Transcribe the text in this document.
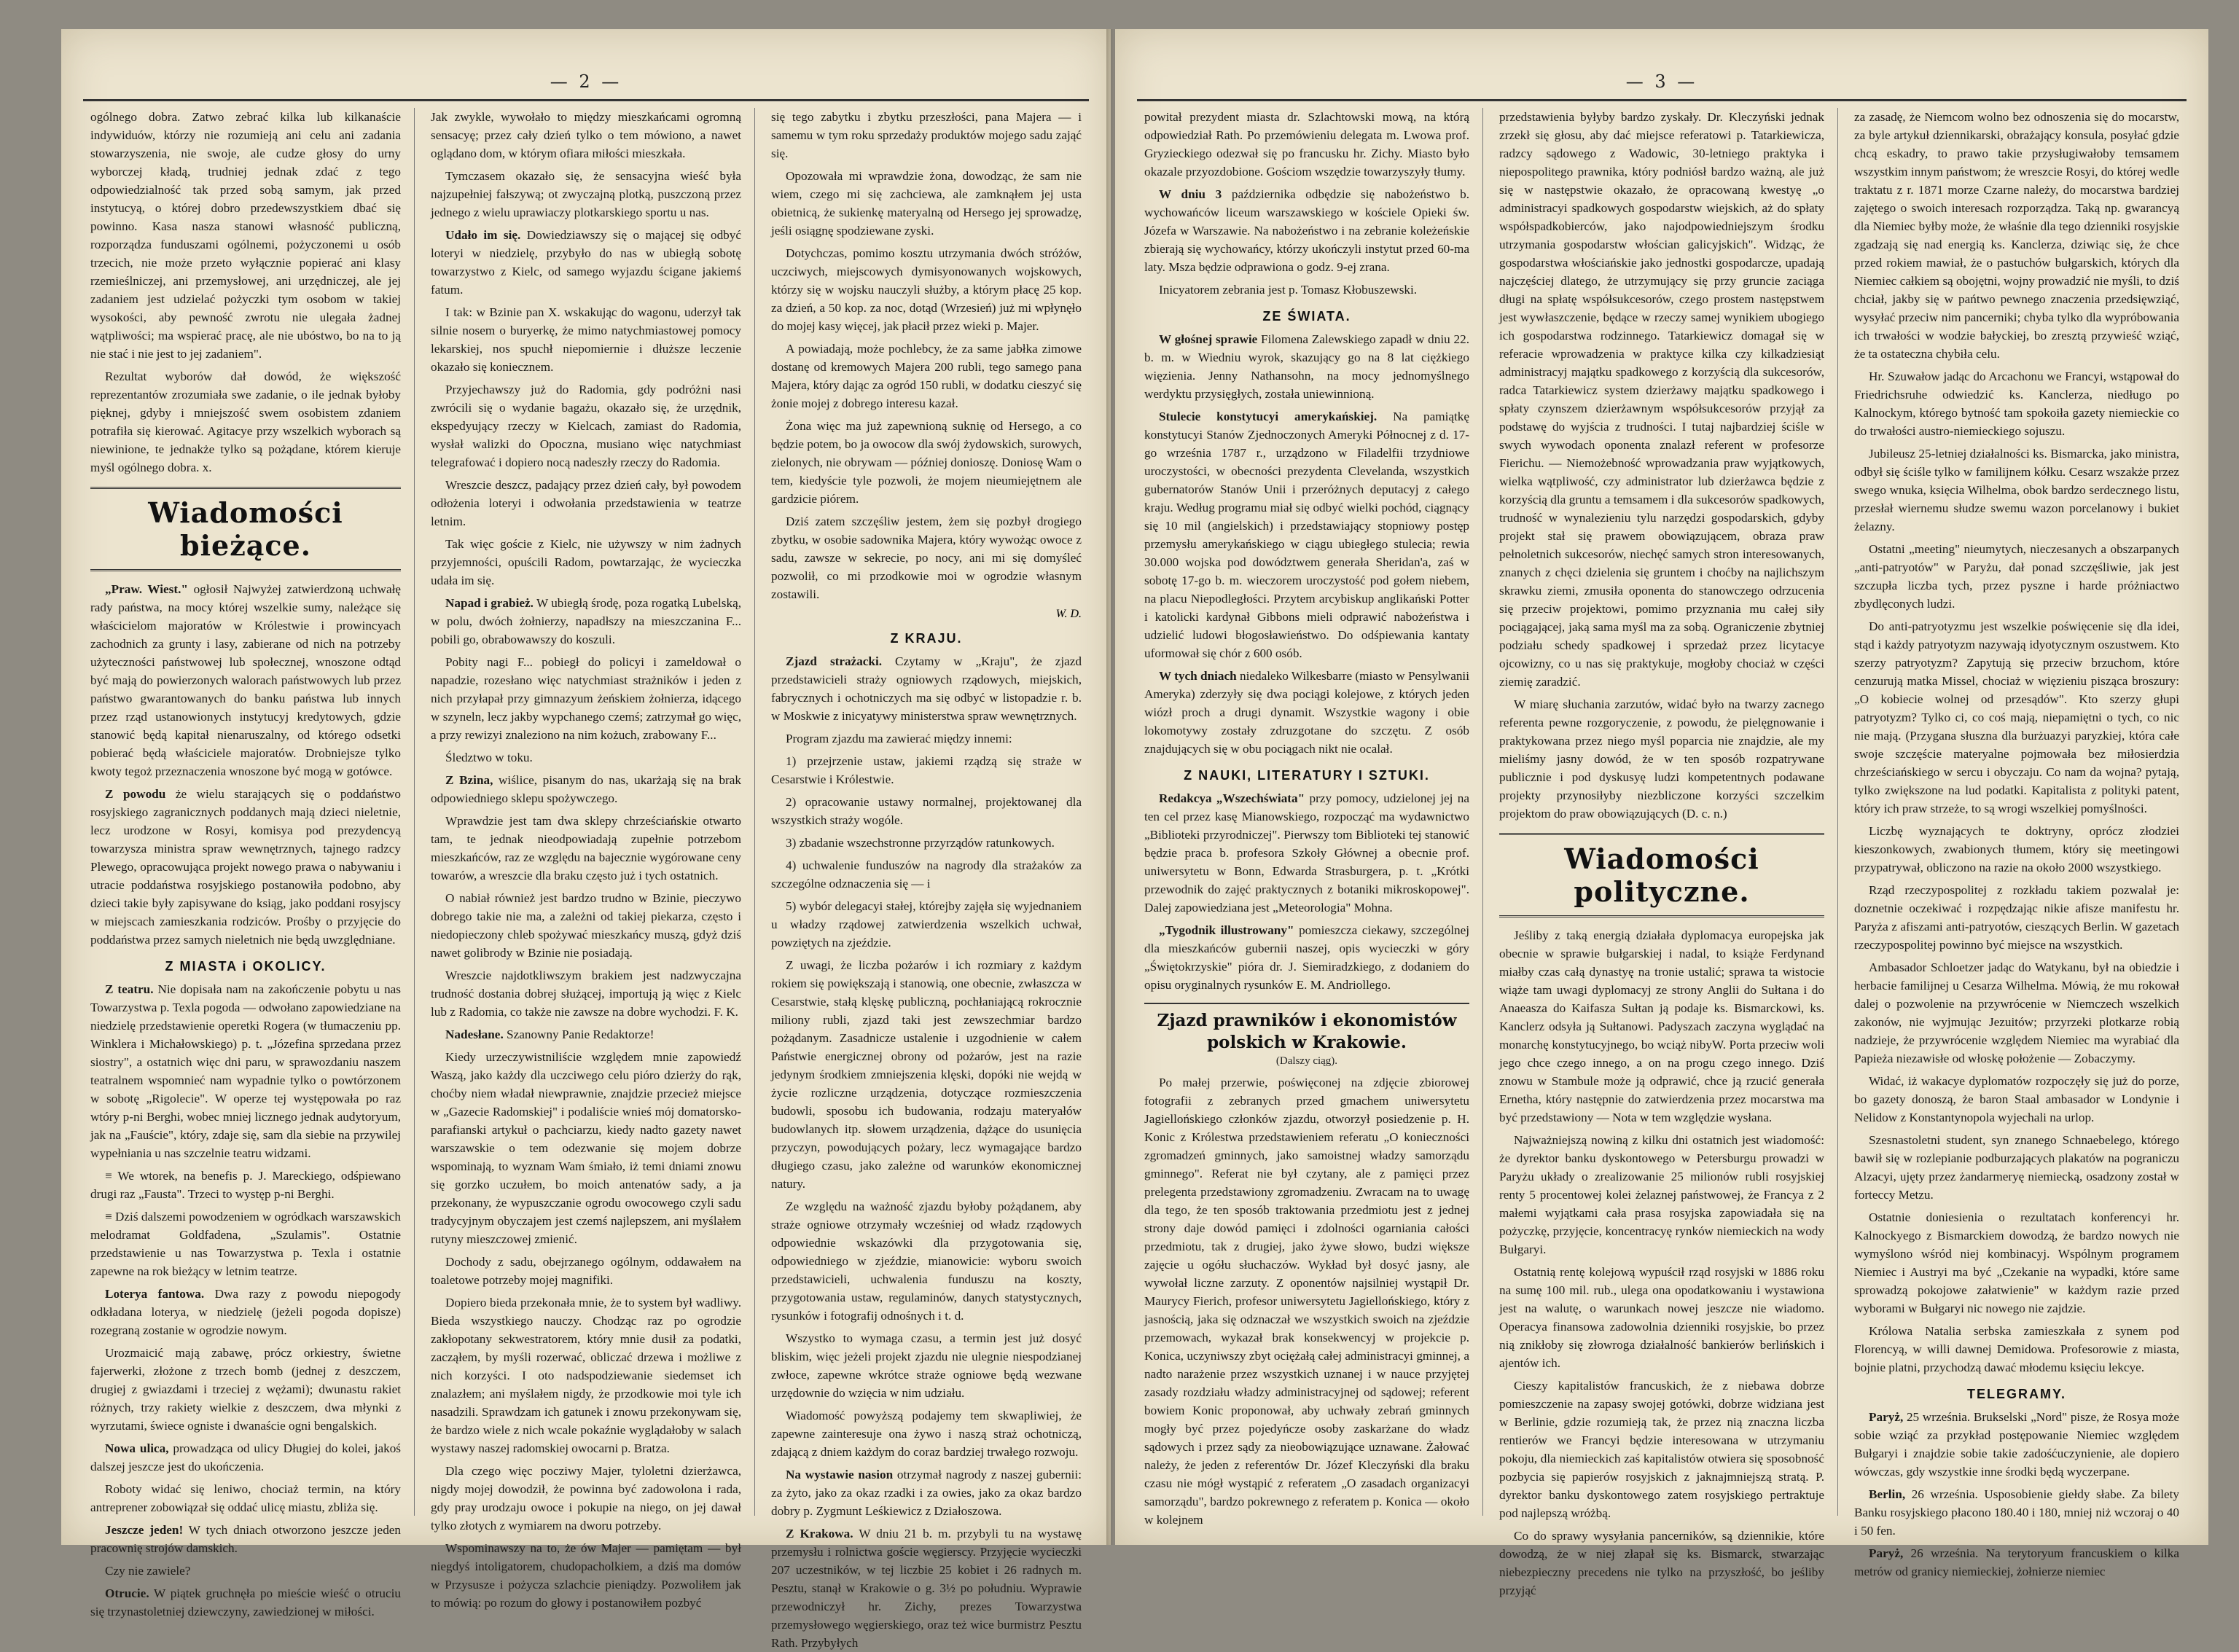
— 2 —

ogólnego dobra. Zatwo zebrać kilka lub kilkanaście indywiduów, którzy nie rozumieją ani celu ani zadania stowarzyszenia, nie swoje, ale cudze głosy do urny wyborczej kładą, trudniej jednak zdać z tego odpowiedzialność tak przed sobą samym, jak przed instytucyą, o której dobro przedewszystkiem dbać się powinno. Kasa nasza stanowi własność publiczną, rozporządza funduszami ogólnemi, pożyczonemi u osób trzecich, nie może przeto wyłącznie popierać ani klasy rzemieślniczej, ani przemysłowej, ani urzędniczej, ale jej zadaniem jest udzielać pożyczki tym osobom w takiej wysokości, aby pewność zwrotu nie ulegała żadnej wątpliwości; ma wspierać pracę, ale nie ubóstwo, bo na to ją nie stać i nie jest to jej zadaniem".

Rezultat wyborów dał dowód, że większość reprezentantów zrozumiała swe zadanie, o ile jednak byłoby pięknej, gdyby i mniejszość swem osobistem zdaniem potrafiła się kierować. Agitacye przy wszelkich wyborach są niewinione, te jednakże tylko są pożądane, którem kieruje myśl ogólnego dobra. x.

Wiadomości bieżące.

„Praw. Wiest." ogłosił Najwyżej zatwierdzoną uchwałę rady państwa, na mocy której wszelkie sumy, należące się właścicielom majoratów w Królestwie i prowincyach zachodnich za grunty i lasy, zabierane od nich na potrzeby użyteczności państwowej lub społecznej, wnoszone odtąd być mają do powierzonych walorach państwowych lub przez państwo gwarantowanych do banku państwa lub innych przez rząd ustanowionych instytucyj kredytowych, gdzie stanowić będą kapitał nienaruszalny, od którego odsetki pobierać będą właściciele majoratów. Drobniejsze tylko kwoty tegoż przeznaczenia wnoszone być mogą w gotówce.

Z powodu że wielu starających się o poddaństwo rosyjskiego zagranicznych poddanych mają dzieci nieletnie, lecz urodzone w Rosyi, komisya pod prezydencyą towarzysza ministra spraw wewnętrznych, tajnego radzcy Plewego, opracowująca projekt nowego prawa o nabywaniu i utracie poddaństwa rosyjskiego postanowiła podobno, aby dzieci takie były zapisywane do ksiąg, jako poddani rosyjscy w miejscach zamieszkania rodziców. Prośby o przyjęcie do poddaństwa przez samych nieletnich nie będą uwzględniane.

Z MIASTA i OKOLICY.

Z teatru. Nie dopisała nam na zakończenie pobytu u nas Towarzystwa p. Texla pogoda — odwołano zapowiedziane na niedzielę przedstawienie operetki Rogera (w tłumaczeniu pp. Winklera i Michałowskiego) p. t. „Józefina sprzedana przez siostry", a ostatnich więc dni paru, w sprawozdaniu naszem teatralnem wspomnieć nam wypadnie tylko o powtórzonem w sobotę „Rigolecie". W operze tej występowała po raz wtóry p-ni Berghi, wobec mniej licznego jednak audytoryum, jak na „Fauście", który, zdaje się, sam dla siebie na przywilej wypełniania u nas szczelnie teatru widzami.

≡ We wtorek, na benefis p. J. Mareckiego, odśpiewano drugi raz „Fausta". Trzeci to występ p-ni Berghi.

≡ Dziś dalszemi powodzeniem w ogródkach warszawskich melodramat Goldfadena, „Szulamis". Ostatnie przedstawienie u nas Towarzystwa p. Texla i ostatnie zapewne na rok bieżący w letnim teatrze.

Loterya fantowa. Dwa razy z powodu niepogody odkładana loterya, w niedzielę (jeżeli pogoda dopisze) rozegraną zostanie w ogrodzie nowym.

Urozmaicić mają zabawę, prócz orkiestry, świetne fajerwerki, złożone z trzech bomb (jednej z deszczem, drugiej z gwiazdami i trzeciej z wężami); dwunastu rakiet różnych, trzy rakiety wielkie z deszczem, dwa młynki z wyrzutami, świece ogniste i dwanaście ogni bengalskich.

Nowa ulica, prowadząca od ulicy Długiej do kolei, jakoś dalszej jeszcze jest do ukończenia.

Roboty widać się leniwo, chociaż termin, na który antreprener zobowiązał się oddać ulicę miastu, zbliża się.

Jeszcze jeden! W tych dniach otworzono jeszcze jeden pracownię strojów damskich.

Czy nie zawiele?

Otrucie. W piątek gruchnęła po mieście wieść o otruciu się trzynastoletniej dziewczyny, zawiedzionej w miłości.

Jak zwykle, wywołało to między mieszkańcami ogromną sensacyę; przez cały dzień tylko o tem mówiono, a nawet oglądano dom, w którym ofiara miłości mieszkała.

Tymczasem okazało się, że sensacyjna wieść była najzupełniej fałszywą; ot zwyczajną plotką, puszczoną przez jednego z wielu uprawiaczy plotkarskiego sportu u nas.

Udało im się. Dowiedziawszy się o mającej się odbyć loteryi w niedzielę, przybyło do nas w ubiegłą sobotę towarzystwo z Kielc, od samego wyjazdu ścigane jakiemś fatum.

I tak: w Bzinie pan X. wskakując do wagonu, uderzył tak silnie nosem o buryerkę, że mimo natychmiastowej pomocy lekarskiej, nos spuchł niepomiernie i dłuższe leczenie okazało się koniecznem.

Przyjechawszy już do Radomia, gdy podróżni nasi zwrócili się o wydanie bagażu, okazało się, że urzędnik, ekspedyujący rzeczy w Kielcach, zamiast do Radomia, wysłał walizki do Opoczna, musiano więc natychmiast telegrafować i dopiero nocą nadeszły rzeczy do Radomia.

Wreszcie deszcz, padający przez dzień cały, był powodem odłożenia loteryi i odwołania przedstawienia w teatrze letnim.

Tak więc goście z Kielc, nie używszy w nim żadnych przyjemności, opuścili Radom, powtarzając, że wycieczka udała im się.

Napad i grabież. W ubiegłą środę, poza rogatką Lubelską, w polu, dwóch żołnierzy, napadłszy na mieszczanina F... pobili go, obrabowawszy do koszuli.

Pobity nagi F... pobiegł do policyi i zameldował o napadzie, rozesłano więc natychmiast strażników i jeden z nich przyłapał przy gimnazyum żeńskiem żołnierza, idącego w szyneln, lecz jakby wypchanego czemś; zatrzymał go więc, a przy rewizyi znaleziono na nim kożuch, zrabowany F...

Śledztwo w toku.

Z Bzina, wiślice, pisanym do nas, ukarżają się na brak odpowiedniego sklepu spożywczego.

Wprawdzie jest tam dwa sklepy chrześciańskie otwarto tam, te jednak nieodpowiadają zupełnie potrzebom mieszkańców, raz ze względu na bajecznie wygórowane ceny towarów, a wreszcie dla braku często już i tych ostatnich.

O nabiał również jest bardzo trudno w Bzinie, pieczywo dobrego takie nie ma, a zależni od takiej piekarza, często i niedopieczony chleb spożywać mieszkańcy muszą, gdyż dziś nawet golibrody w Bzinie nie posiadają.

Wreszcie najdotkliwszym brakiem jest nadzwyczajna trudność dostania dobrej służącej, importują ją więc z Kielc lub z Radomia, co także nie zawsze na dobre wychodzi. F. K.

Nadesłane. Szanowny Panie Redaktorze!

Kiedy urzeczywistniliście względem mnie zapowiedź Waszą, jako każdy dla uczciwego celu pióro dzierży do rąk, choćby niem władał niewprawnie, znajdzie przecież miejsce w „Gazecie Radomskiej" i podaliście wnieś mój domatorsko-parafianski artykuł o pachciarzu, kiedy nadto gazety nawet warszawskie o tem odezwanie się mojem dobrze wspominają, to wyznam Wam śmiało, iż temi dniami znowu się gorzko uczułem, bo moich antenatów sady, a ja przekonany, że wypuszczanie ogrodu owocowego czyli sadu tradycyjnym obyczajem jest czemś najlepszem, ani myślałem rutyny mieszczowej zmienić.

Dochody z sadu, obejrzanego ogólnym, oddawałem na toaletowe potrzeby mojej magnifiki.

Dopiero bieda przekonała mnie, że to system był wadliwy. Bieda wszystkiego nauczy. Chodząc raz po ogrodzie zakłopotany sekwestratorem, który mnie dusił za podatki, zacząłem, by myśli rozerwać, obliczać drzewa i możliwe z nich korzyści. I oto nadspodziewanie siedemset ich znalazłem; ani myślałem nigdy, że przodkowie moi tyle ich nasadzili. Sprawdzam ich gatunek i znowu przekonywam się, że bardzo wiele z nich wcale pokaźnie wyglądałoby w salach wystawy naszej radomskiej owocarni p. Bratza.

Dla czego więc pocziwy Majer, tyloletni dzierżawca, nigdy mojej dowodził, że powinna być zadowolona i rada, gdy pray urodzaju owoce i pokupie na niego, on jej dawał tylko złotych z wymiarem na dworu potrzeby.

Wspominawszy na to, że ów Majer — pamiętam — był niegdyś intoligatorem, chudopacholkiem, a dziś ma domów w Przysusze i pożycza szlachcie pieniądzy. Pozwoliłem jak to mówią: po rozum do głowy i postanowiłem pozbyć

się tego zabytku i zbytku przeszłości, pana Majera — i samemu w tym roku sprzedaży produktów mojego sadu zająć się.

Opozowała mi wprawdzie żona, dowodząc, że sam nie wiem, czego mi się zachciewa, ale zamknąłem jej usta obietnicą, że sukienkę materyalną od Hersego jej sprowadzę, jeśli osiągnę spodziewane zyski.

Dotychczas, pomimo kosztu utrzymania dwóch stróżów, uczciwych, miejscowych dymisyonowanych wojskowych, którzy się w wojsku nauczyli służby, a którym płacę 25 kop. za dzień, a 50 kop. za noc, dotąd (Wrzesień) już mi wpłynęło do mojej kasy więcej, jak płacił przez wieki p. Majer.

A powiadają, może pochlebcy, że za same jabłka zimowe dostanę od kremowych Majera 200 rubli, tego samego pana Majera, który dając za ogród 150 rubli, w dodatku cieszyć się żonie mojej z dobrego interesu kazał.

Żona więc ma już zapewnioną suknię od Hersego, a co będzie potem, bo ja owocow dla swój żydowskich, surowych, zielonych, nie obrywam — później donioszę. Doniosę Wam o tem, kiedyście tyle pozwoli, że mojem nieumiejętnem ale gardzicie piórem.

Dziś zatem szczęśliw jestem, żem się pozbył drogiego zbytku, w osobie sadownika Majera, który wywożąc owoce z sadu, zawsze w sekrecie, po nocy, ani mi się domyśleć pozwolił, co mi przodkowie moi w ogrodzie własnym zostawili.

W. D.
Z KRAJU.

Zjazd strażacki. Czytamy w „Kraju", że zjazd przedstawicieli straży ogniowych rządowych, miejskich, fabrycznych i ochotniczych ma się odbyć w listopadzie r. b. w Moskwie z inicyatywy ministerstwa spraw wewnętrznych.

Program zjazdu ma zawierać między innemi:

1) przejrzenie ustaw, jakiemi rządzą się straże w Cesarstwie i Królestwie.

2) opracowanie ustawy normalnej, projektowanej dla wszystkich straży wogóle.

3) zbadanie wszechstronne przyrządów ratunkowych.

4) uchwalenie funduszów na nagrody dla strażaków za szczególne odznaczenia się — i

5) wybór delegacyi stałej, którejby zajęła się wyjednaniem u władzy rządowej zatwierdzenia wszelkich uchwał, powziętych na zjeździe.

Z uwagi, że liczba pożarów i ich rozmiary z każdym rokiem się powiększają i stanowią, one obecnie, zwłaszcza w Cesarstwie, stałą klęskę publiczną, pochłaniającą rokrocznie miliony rubli, zjazd taki jest zewszechmiar bardzo pożądanym. Zasadnicze ustalenie i uzgodnienie w całem Państwie energicznej obrony od pożarów, jest na razie jedynym środkiem zmniejszenia klęski, dopóki nie wejdą w życie rozliczne urządzenia, dotyczące rozmieszczenia budowli, sposobu ich budowania, rodzaju materyałów budowlanych itp. słowem urządzenia, dążące do usunięcia przyczyn, powodujących pożary, lecz wymagające bardzo długiego czasu, jako zależne od warunków ekonomicznej natury.

Ze względu na ważność zjazdu byłoby pożądanem, aby straże ogniowe otrzymały wcześniej od władz rządowych odpowiednie wskazówki dla przygotowania się, odpowiedniego w zjeździe, mianowicie: wyboru swoich przedstawicieli, uchwalenia funduszu na koszty, przygotowania ustaw, regulaminów, danych statystycznych, rysunków i fotografij odnośnych i t. d.

Wszystko to wymaga czasu, a termin jest już dosyć bliskim, więc jeżeli projekt zjazdu nie ulegnie niespodzianej zwłoce, zapewne wkrótce straże ogniowe będą wezwane urzędownie do wzięcia w nim udziału.

Wiadomość powyższą podajemy tem skwapliwiej, że zapewne zainteresuje ona żywo i naszą straż ochotniczą, zdającą z dniem każdym do coraz bardziej trwałego rozwoju.

Na wystawie nasion otrzymał nagrody z naszej gubernii: za żyto, jako za okaz rzadki i za owies, jako za okaz bardzo dobry p. Zygmunt Leśkiewicz z Działoszowa.

Z Krakowa. W dniu 21 b. m. przybyli tu na wystawę przemysłu i rolnictwa goście węgierscy. Przyjęcie wycieczki 207 uczestników, w tej liczbie 25 kobiet i 26 radnych m. Pesztu, stanął w Krakowie o g. 3½ po południu. Wyprawie przewodniczył hr. Zichy, prezes Towarzystwa przemysłowego węgierskiego, oraz też wice burmistrz Pesztu Rath. Przybyłych

— 3 —

powitał prezydent miasta dr. Szlachtowski mową, na którą odpowiedział Rath. Po przemówieniu delegata m. Lwowa prof. Gryzieckiego odezwał się po francusku hr. Zichy. Miasto było okazale przyozdobione. Gościom wszędzie towarzyszyły tłumy.

W dniu 3 października odbędzie się nabożeństwo b. wychowańców liceum warszawskiego w kościele Opieki św. Józefa w Warszawie. Na nabożeństwo i na zebranie koleżeńskie zbierają się wychowańcy, którzy ukończyli instytut przed 60-ma laty. Msza będzie odprawiona o godz. 9-ej zrana.

Inicyatorem zebrania jest p. Tomasz Kłobuszewski.

ZE ŚWIATA.

W głośnej sprawie Filomena Zalewskiego zapadł w dniu 22. b. m. w Wiedniu wyrok, skazujący go na 8 lat ciężkiego więzienia. Jenny Nathansohn, na mocy jednomyślnego werdyktu przysięgłych, została uniewinnioną.

Stulecie konstytucyi amerykańskiej. Na pamiątkę konstytucyi Stanów Zjednoczonych Ameryki Północnej z d. 17-go września 1787 r., urządzono w Filadelfii trzydniowe uroczystości, w obecności prezydenta Clevelanda, wszystkich gubernatorów Stanów Unii i przeróżnych deputacyj z całego kraju. Według programu miał się odbyć wielki pochód, ciągnący się 10 mil (angielskich) i przedstawiający stopniowy postęp przemysłu amerykańskiego w ciągu ubiegłego stulecia; rewia 30.000 wojska pod dowództwem generała Sheridan'a, zaś w sobotę 17-go b. m. wieczorem uroczystość pod gołem niebem, na placu Niepodległości. Przytem arcybiskup anglikański Potter i katolicki kardynał Gibbons mieli odprawić nabożeństwa i udzielić ludowi błogosławieństwo. Do odśpiewania kantaty uformował się chór z 600 osób.

W tych dniach niedaleko Wilkesbarre (miasto w Pensylwanii Ameryka) zderzyły się dwa pociągi kolejowe, z których jeden wiózł proch a drugi dynamit. Wszystkie wagony i obie lokomotywy zostały zdruzgotane do szczętu. Z osób znajdujących się w obu pociągach nikt nie ocalał.

Z NAUKI, LITERATURY I SZTUKI.

Redakcya „Wszechświata" przy pomocy, udzielonej jej na ten cel przez kasę Mianowskiego, rozpocząć ma wydawnictwo „Biblioteki przyrodniczej". Pierwszy tom Biblioteki tej stanowić będzie praca b. profesora Szkoły Głównej a obecnie prof. uniwersytetu w Bonn, Edwarda Strasburgera, p. t. „Krótki przewodnik do zajęć praktycznych z botaniki mikroskopowej". Dalej zapowiedziana jest „Meteorologia" Mohna.

„Tygodnik illustrowany" pomieszcza ciekawy, szczególnej dla mieszkańców gubernii naszej, opis wycieczki w góry „Świętokrzyskie" pióra dr. J. Siemiradzkiego, z dodaniem do opisu oryginalnych rysunków E. M. Andriollego.

Zjazd prawników i ekonomistów polskich w Krakowie.
(Dalszy ciąg).

Po małej przerwie, poświęconej na zdjęcie zbiorowej fotografii z zebranych przed gmachem uniwersytetu Jagiellońskiego członków zjazdu, otworzył posiedzenie p. H. Konic z Królestwa przedstawieniem referatu „O konieczności zgromadzeń gminnych, jako samoistnej władzy samorządu gminnego". Referat nie był czytany, ale z pamięci przez prelegenta przedstawiony zgromadzeniu. Zwracam na to uwagę dla tego, że ten sposób traktowania przedmiotu jest z jednej strony daje dowód pamięci i zdolności ogarniania całości przedmiotu, tak z drugiej, jako żywe słowo, budzi większe zajęcie u ogółu słuchaczów. Wykład był dosyć jasny, ale wywołał liczne zarzuty. Z oponentów najsilniej wystąpił Dr. Maurycy Fierich, profesor uniwersytetu Jagiellońskiego, który z jasnością, jaka się odznaczał we wszystkich swoich na zjeździe przemowach, wykazał brak konsekwencyj w projekcie p. Konica, uczyniwszy zbyt ociężałą całej administracyi gminnej, a nadto narażenie przez wszystkich uznanej i w nauce przyjętej zasady rozdziału władzy administracyjnej od sądowej; referent bowiem Konic proponował, aby uchwały zebrań gminnych mogły być przez pojedyńcze osoby zaskarżane do władz sądowych i przez sądy za nieobowiązujące uznawane. Żałować należy, że jeden z referentów Dr. Józef Kleczyński dla braku czasu nie mógł wystąpić z referatem „O zasadach organizacyi samorządu", bardzo pokrewnego z referatem p. Konica — około w kolejnem

przedstawienia byłyby bardzo zyskały. Dr. Kleczyński jednak zrzekł się głosu, aby dać miejsce referatowi p. Tatarkiewicza, radzcy sądowego z Wadowic, 30-letniego praktyka i niepospolitego prawnika, który podniósł bardzo ważną, ale już się w następstwie okazało, że opracowaną kwestyę „o administracyi spadkowych gospodarstw wiejskich, aż do spłaty współspadkobierców, jako najodpowiedniejszym środku utrzymania gospodarstw włościan galicyjskich". Widząc, że gospodarstwa włościańskie jako jednostki gospodarcze, upadają najczęściej dlatego, że utrzymujący się przy gruncie zaciąga długi na spłatę współsukcesorów, czego prostem następstwem jest wywłaszczenie, będące w rzeczy samej wynikiem ubogiego ich gospodarstwa rodzinnego. Tatarkiewicz domagał się w referacie wprowadzenia w praktyce kilka czy kilkadziesiąt administracyj majątku spadkowego z korzyścią dla sukcesorów, radca Tatarkiewicz system dzierżawy majątku spadkowego i spłaty czynszem dzierżawnym współsukcesorów przyjął za podstawę do wyjścia z trudności. I tutaj najbardziej ściśle w swych wywodach oponenta znalazł referent w profesorze Fierichu. — Niemożebność wprowadzania praw wyjątkowych, wielka wątpliwość, czy administrator lub dzierżawca będzie z korzyścią dla gruntu a temsamem i dla sukcesorów spadkowych, trudność w wynalezieniu tylu narzędzi gospodarskich, gdyby projekt stał się prawem obowiązującem, obraza praw pełnoletnich sukcesorów, niechęć samych stron interesowanych, znanych z chęci dzielenia się gruntem i choćby na najlichszym skrawku ziemi, zmusiła oponenta do stanowczego odrzucenia się przeciw projektowi, pomimo przyznania mu całej siły pociągającej, jaką sama myśl ma za sobą. Ograniczenie zbytniej podziału schedy spadkowej i sprzedaż przez licytacye ojcowizny, co u nas się praktykuje, mogłoby chociaż w części ziemię zaradzić.

W miarę słuchania zarzutów, widać było na twarzy zacnego referenta pewne rozgoryczenie, z powodu, że pielęgnowanie i praktykowana przez niego myśl poparcia nie znajdzie, ale my mieliśmy jasny dowód, że w ten sposób rozpatrywane publicznie i pod dyskusyę ludzi kompetentnych podawane projekty przynosiłyby niezbliczone korzyści szczelkim projektom do praw obowiązujących (D. c. n.)

Wiadomości polityczne.

Jeśliby z taką energią działała dyplomacya europejska jak obecnie w sprawie bułgarskiej i nadal, to książe Ferdynand miałby czas całą dynastyę na tronie ustalić; sprawa ta wistocie wiąże tam uwagi dyplomacyj ze strony Anglii do Sułtana i do Anaeasza do Kaifasza Sułtan ją podaje ks. Bismarckowi, ks. Kanclerz odsyła ją Sułtanowi. Padyszach zaczyna wyglądać na monarchę konstytucyjnego, bo wciąż nibyW. Porta przeciw woli jego chce czego innego, a on na progu czego innego. Dziś znowu w Stambule może ją odprawić, chce ją rzucić generała Ernetha, który następnie do zatwierdzenia przez mocarstwa ma być przedstawiony — Nota w tem względzie wysłana.

Najważniejszą nowiną z kilku dni ostatnich jest wiadomość: że dyrektor banku dyskontowego w Petersburgu prowadzi w Paryżu układy o zrealizowanie 25 milionów rubli rosyjskiej renty 5 procentowej kolei żelaznej państwowej, że Francya z 2 małemi wyjątkami cała prasa rosyjska zapowiadała się na pożyczkę, przyjęcie, koncentracyę rynków niemieckich na wody Bułgaryi.

Ostatnią rentę kolejową wypuścił rząd rosyjski w 1886 roku na sumę 100 mil. rub., ulega ona opodatkowaniu i wystawiona jest na walutę, o warunkach nowej jeszcze nie wiadomo. Operacya finansowa zadowolnia dzienniki rosyjskie, bo przez nią znikłoby się złowroga działalność bankierów berlińskich i ajentów ich.

Cieszy kapitalistów francuskich, że z niebawa dobrze pomieszczenie na zapasy swojej gotówki, dobrze widziana jest w Berlinie, gdzie rozumieją tak, że przez nią znaczna liczba rentierów we Francyi będzie interesowana w utrzymaniu pokoju, dla niemieckich zaś kapitalistów otwiera się sposobność pozbycia się papierów rosyjskich z jaknajmniejszą stratą. P. dyrektor banku dyskontowego zatem rosyjskiego pertraktuje pod najlepszą wróżbą.

Co do sprawy wysyłania pancerników, są dziennikie, które dowodzą, że w niej złapał się ks. Bismarck, stwarzając niebezpieczny precedens nie tylko na przyszłość, bo jeśliby przyjąć

za zasadę, że Niemcom wolno bez odnoszenia się do mocarstw, za byle artykuł dziennikarski, obrażający konsula, posyłać gdzie chcą eskadry, to prawo takie przysługiwałoby temsamem wszystkim innym państwom; że wreszcie Rosyi, do której wedle traktatu z r. 1871 morze Czarne należy, do mocarstwa bardziej zajętego o swoich interesach rozporządza. Taką np. gwarancyą dla Niemiec byłby może, że właśnie dla tego dzienniki rosyjskie zgadzają się nad energią ks. Kanclerza, dziwiąc się, że chce przed rokiem mawiał, że o pastuchów bułgarskich, których dla Niemiec całkiem są obojętni, wojny prowadzić nie myśli, to dziś chciał, jakby się w pańtwo pewnego znaczenia przedsięwziąć, wysyłać przeciw nim pancerniki; chyba tylko dla wypróbowania ich trwałości w wodzie bałyckiej, bo zresztą przywieść wziąć, że ta ostateczna chybiła celu.

Hr. Szuwałow jadąc do Arcachonu we Francyi, wstąpował do Friedrichsruhe odwiedzić ks. Kanclerza, niedługo po Kalnockym, którego bytność tam spokoiła gazety niemieckie co do trwałości austro-niemieckiego sojuszu.

Jubileusz 25-letniej działalności ks. Bismarcka, jako ministra, odbył się ściśle tylko w familijnem kółku. Cesarz wszakże przez swego wnuka, księcia Wilhelma, obok bardzo serdecznego listu, przesłał wiernemu słudze swemu wazon porcelanowy i bukiet żelazny.

Ostatni „meeting" nieumytych, nieczesanych a obszarpanych „anti-patryotów" w Paryżu, dał ponad szczęśliwie, jak jest szczupła liczba tych, przez pyszne i harde próżniactwo zbydlęconych ludzi.

Do anti-patryotyzmu jest wszelkie poświęcenie się dla idei, stąd i każdy patryotyzm nazywają idyotycznym oszustwem. Kto szerzy patryotyzm? Zapytują się przeciw brzuchom, które cenzurują matka Missel, chociaż w więzieniu pisząca broszury: „O kobiecie wolnej od przesądów". Kto szerzy głupi patryotyzm? Tylko ci, co coś mają, niepamiętni o tych, co nic nie mają. (Przygana słuszna dla burżuazyi paryzkiej, która całe swoje szczęście materyalne pojmowała bez miłosierdzia chrześciańskiego w sercu i obyczaju. Co nam da wojna? pytają, tylko zwiększone na lud podatki. Kapitalista z polityki patent, który ich praw strzeże, to są wrogi wszelkiej pomyślności.

Liczbę wyznających te doktryny, oprócz złodziei kieszonkowych, zwabionych tłumem, który się meetingowi przypatrywał, obliczono na razie na około 2000 wszystkiego.

Rząd rzeczypospolitej z rozkładu takiem pozwalał je: doznetnie oczekiwać i rozpędzając nikie afisze manifestu hr. Paryża z afiszami anti-patryotów, cieszących Berlin. W gazetach rzeczypospolitej powinno być miejsce na wszystkich.

Ambasador Schloetzer jadąc do Watykanu, był na obiedzie i herbacie familijnej u Cesarza Wilhelma. Mówią, że mu rokował dalej o pozwolenie na przywrócenie w Niemczech wszelkich zakonów, nie wyjmując Jezuitów; przyrzeki plotkarze robią nadzieje, że przywrócenie względem Niemiec ma wyrabiać dla Papieża niezawisłe od włoskę położenie — Zobaczymy.

Widać, iż wakacye dyplomatów rozpoczęły się już do porze, bo gazety donoszą, że baron Staal ambasador w Londynie i Nelidow z Konstantynopola wyjechali na urlop.

Szesnastoletni student, syn znanego Schnaebelego, którego bawił się w rozlepianie podburzających plakatów na pograniczu Alzacyi, ujęty przez żandarmeryę niemiecką, osadzony został w forteccy Metzu.

Ostatnie doniesienia o rezultatach konferencyi hr. Kalnockyego z Bismarckiem dowodzą, że bardzo nowych nie wymyślono wśród niej kombinacyj. Wspólnym programem Niemiec i Austryi ma być „Czekanie na wypadki, które same sprowadzą pokojowe załatwienie" w każdym razie przed wyborami w Bułgaryi nic nowego nie zajdzie.

Królowa Natalia serbska zamieszkała z synem pod Florencyą, w willi dawnej Demidowa. Profesorowie z miasta, bojnie platni, przychodzą dawać młodemu księciu lekcye.

TELEGRAMY.

Paryż, 25 września. Brukselski „Nord" pisze, że Rosya może sobie wziąć za przykład postępowanie Niemiec względem Bułgaryi i znajdzie sobie takie zadośćuczynienie, ale dopiero wówczas, gdy wszystkie inne środki będą wyczerpane.

Berlin, 26 września. Usposobienie giełdy słabe. Za bilety Banku rosyjskiego płacono 180.40 i 180, mniej niż wczoraj o 40 i 50 fen.

Paryż, 26 września. Na terytoryum francuskiem o kilka metrów od granicy niemieckiej, żołnierze niemiec
